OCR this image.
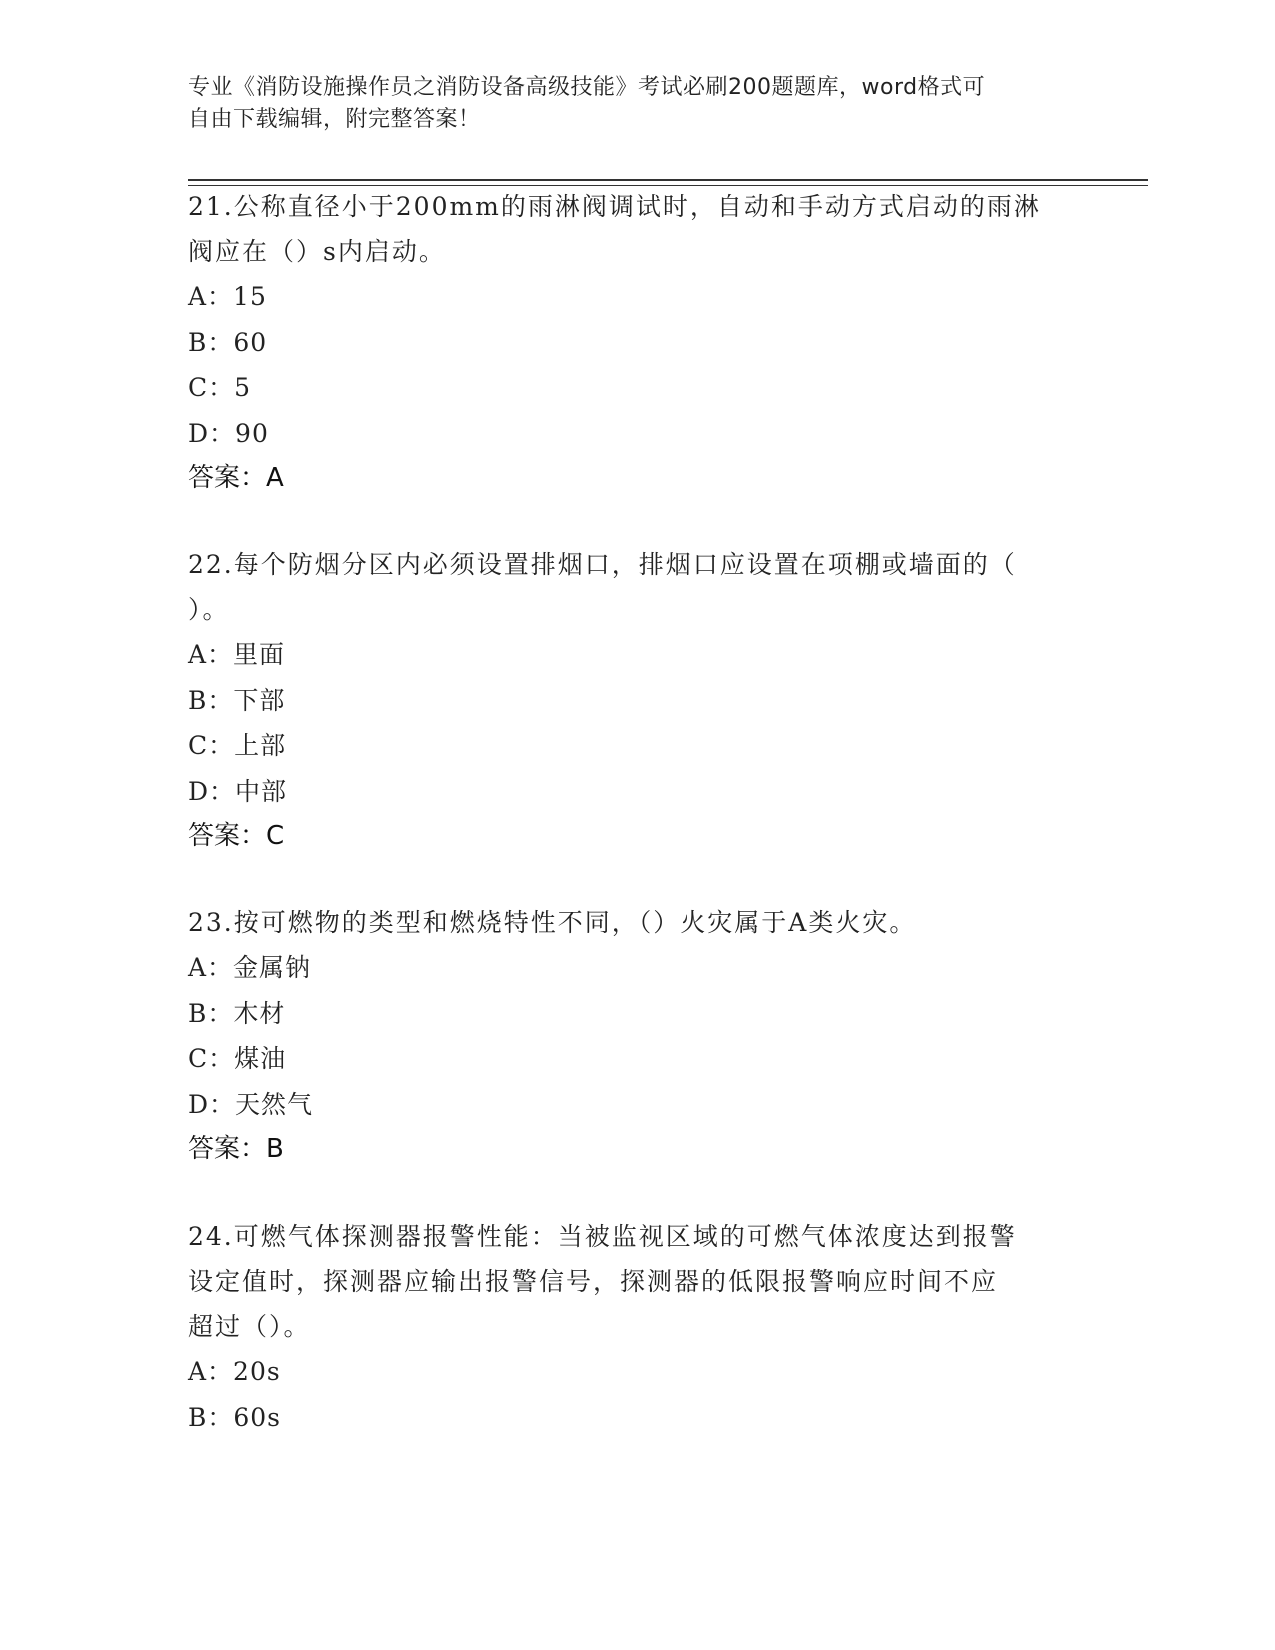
专业《消防设施操作员之消防设备高级技能》考试必刷200题题库，word格式可
自由下载编辑，附完整答案！
21.公称直径小于200mm的雨淋阀调试时，自动和手动方式启动的雨淋
阀应在（）s内启动。
A：15
B：60
C：5
D：90
答案：A
22.每个防烟分区内必须设置排烟口，排烟口应设置在项棚或墙面的（
）。
A：里面
B：下部
C：上部
D：中部
答案：C
23.按可燃物的类型和燃烧特性不同，（）火灾属于A类火灾。
A：金属钠
B：木材
C：煤油
D：天然气
答案：B
24.可燃气体探测器报警性能：当被监视区域的可燃气体浓度达到报警
设定值时，探测器应输出报警信号，探测器的低限报警响应时间不应
超过（）。
A：20s
B：60s
